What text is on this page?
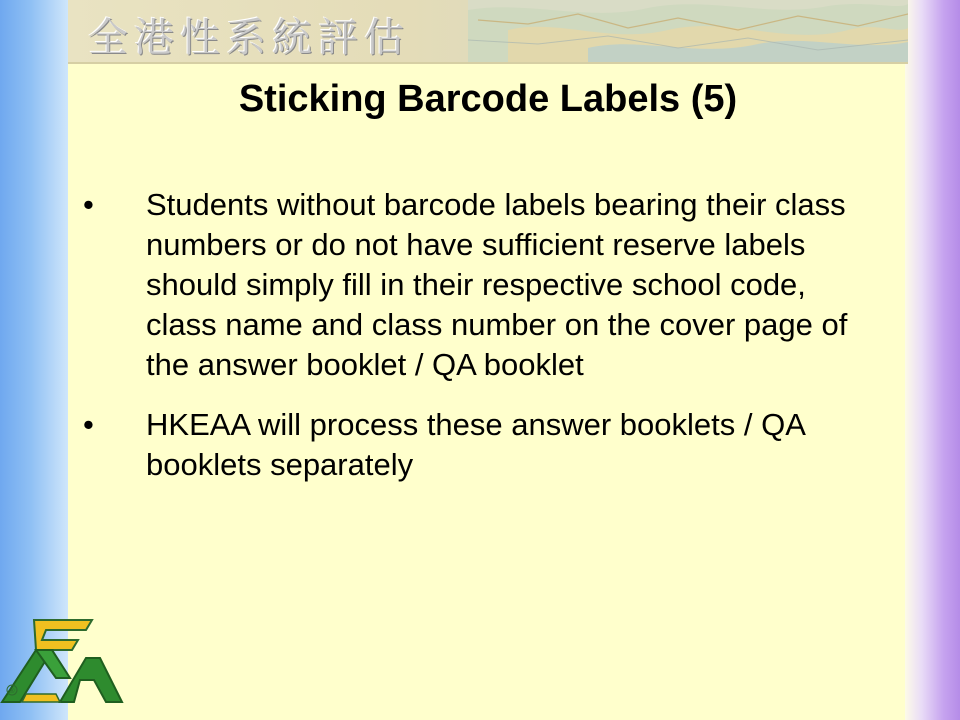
全港性系統評估
Sticking Barcode Labels (5)
• Students without barcode labels bearing their class numbers or do not have sufficient reserve labels should simply fill in their respective school code, class name and class number on the cover page of the answer booklet / QA booklet
• HKEAA will process these answer booklets / QA booklets separately
®
